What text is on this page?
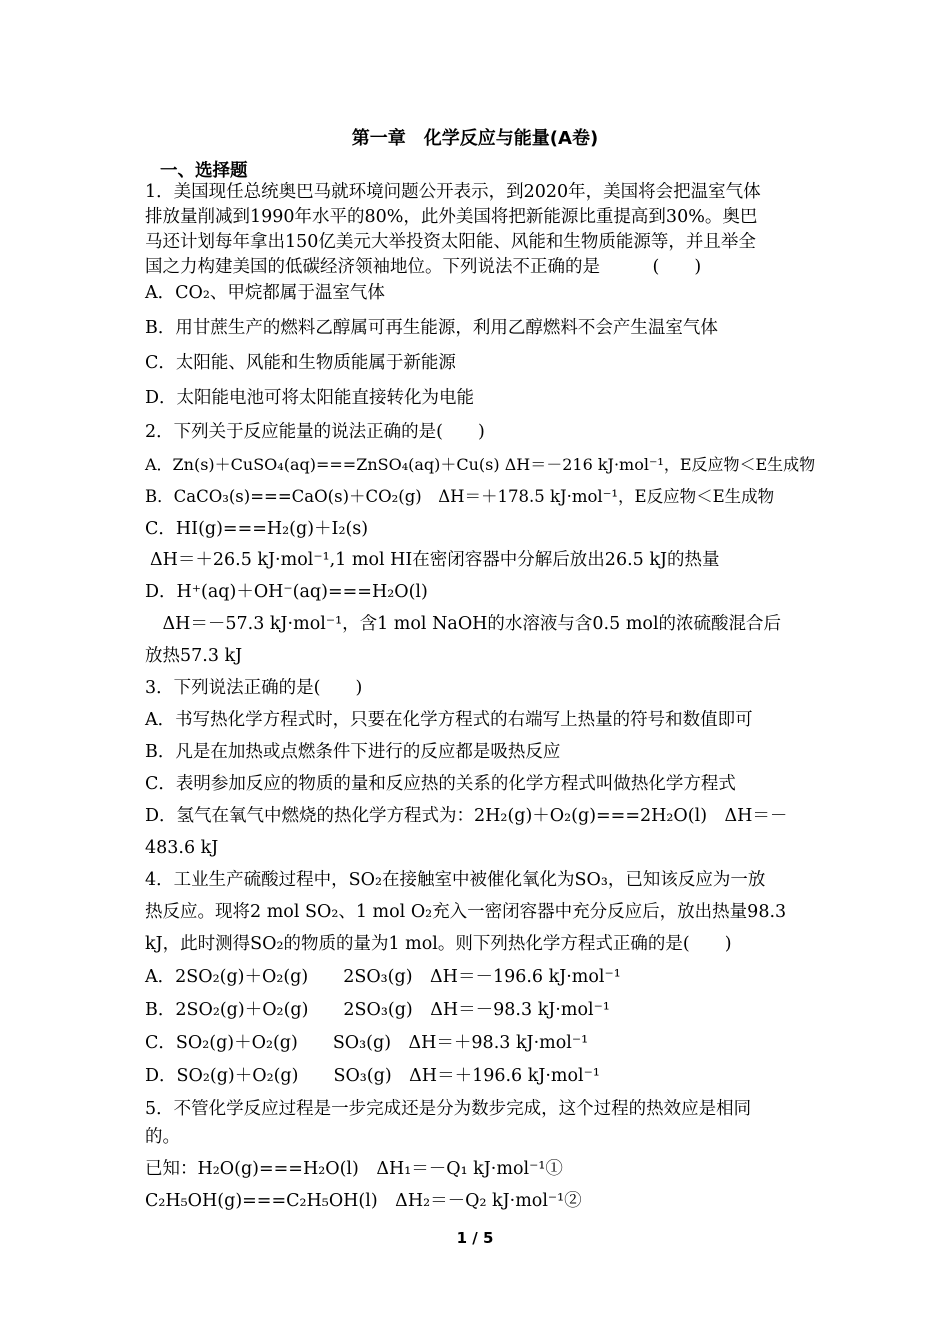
第一章　化学反应与能量(A卷)
一、选择题
1．美国现任总统奥巴马就环境问题公开表示，到2020年，美国将会把温室气体
排放量削减到1990年水平的80%，此外美国将把新能源比重提高到30%。奥巴
马还计划每年拿出150亿美元大举投资太阳能、风能和生物质能源等，并且举全
国之力构建美国的低碳经济领袖地位。下列说法不正确的是　　　(　　)
A．CO₂、甲烷都属于温室气体
B．用甘蔗生产的燃料乙醇属可再生能源，利用乙醇燃料不会产生温室气体
C．太阳能、风能和生物质能属于新能源
D．太阳能电池可将太阳能直接转化为电能
2．下列关于反应能量的说法正确的是(　　)
A．Zn(s)＋CuSO₄(aq)===ZnSO₄(aq)＋Cu(s) ΔH＝－216 kJ·mol⁻¹，E反应物＜E生成物
B．CaCO₃(s)===CaO(s)＋CO₂(g)　ΔH＝＋178.5 kJ·mol⁻¹，E反应物＜E生成物
C．HI(g)===H₂(g)＋I₂(s)
ΔH＝＋26.5 kJ·mol⁻¹,1 mol HI在密闭容器中分解后放出26.5 kJ的热量
D．H⁺(aq)＋OH⁻(aq)===H₂O(l)
　ΔH＝－57.3 kJ·mol⁻¹，含1 mol NaOH的水溶液与含0.5 mol的浓硫酸混合后
放热57.3 kJ
3．下列说法正确的是(　　)
A．书写热化学方程式时，只要在化学方程式的右端写上热量的符号和数值即可
B．凡是在加热或点燃条件下进行的反应都是吸热反应
C．表明参加反应的物质的量和反应热的关系的化学方程式叫做热化学方程式
D．氢气在氧气中燃烧的热化学方程式为：2H₂(g)＋O₂(g)===2H₂O(l)　ΔH＝－
483.6 kJ
4．工业生产硫酸过程中，SO₂在接触室中被催化氧化为SO₃，已知该反应为一放
热反应。现将2 mol SO₂、1 mol O₂充入一密闭容器中充分反应后，放出热量98.3
kJ，此时测得SO₂的物质的量为1 mol。则下列热化学方程式正确的是(　　)
A．2SO₂(g)＋O₂(g)　　2SO₃(g)　ΔH＝－196.6 kJ·mol⁻¹
B．2SO₂(g)＋O₂(g)　　2SO₃(g)　ΔH＝－98.3 kJ·mol⁻¹
C．SO₂(g)＋O₂(g)　　SO₃(g)　ΔH＝＋98.3 kJ·mol⁻¹
D．SO₂(g)＋O₂(g)　　SO₃(g)　ΔH＝＋196.6 kJ·mol⁻¹
5．不管化学反应过程是一步完成还是分为数步完成，这个过程的热效应是相同
的。
已知：H₂O(g)===H₂O(l)　ΔH₁＝－Q₁ kJ·mol⁻¹①
C₂H₅OH(g)===C₂H₅OH(l)　ΔH₂＝－Q₂ kJ·mol⁻¹②
1 / 5
